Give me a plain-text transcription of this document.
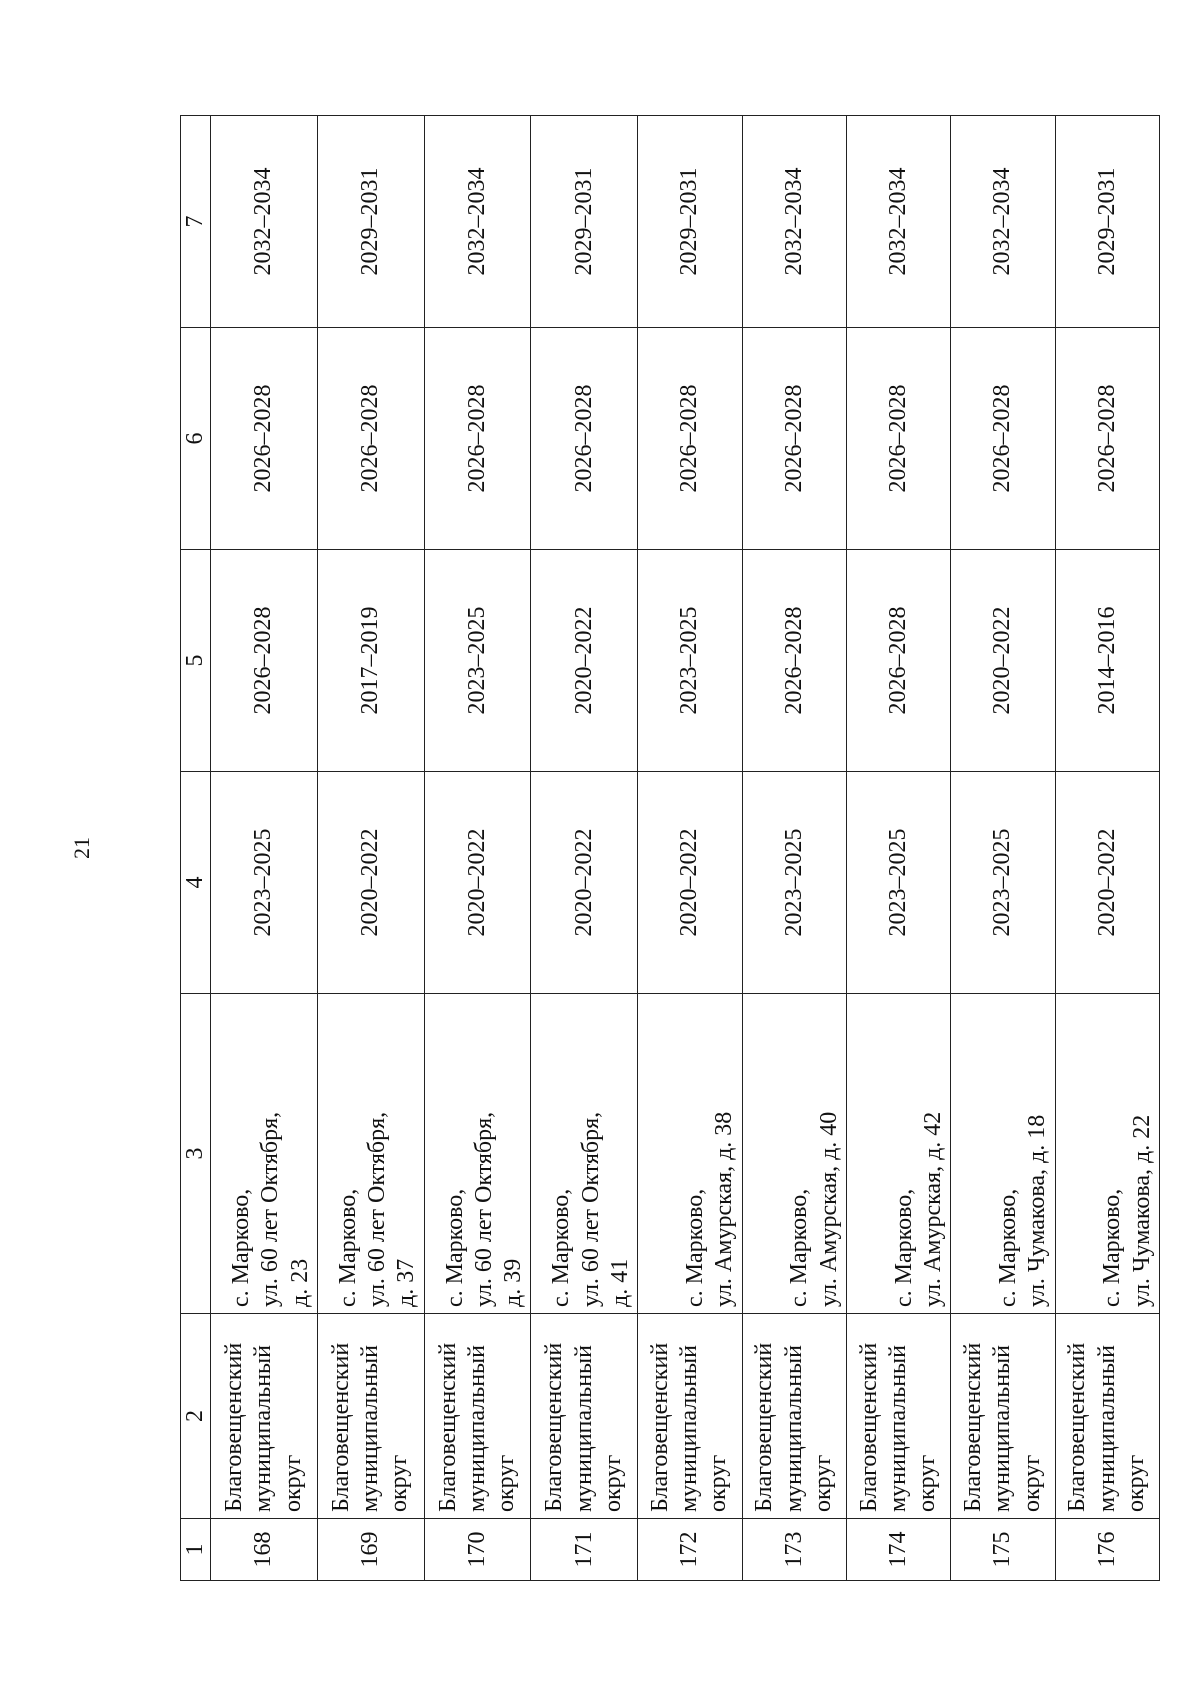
21
1	2	3	4	5	6	7
168	Благовещенский муниципальный округ	с. Марково, ул. 60 лет Октября, д. 23	2023–2025	2026–2028	2026–2028	2032–2034
169	Благовещенский муниципальный округ	с. Марково, ул. 60 лет Октября, д. 37	2020–2022	2017–2019	2026–2028	2029–2031
170	Благовещенский муниципальный округ	с. Марково, ул. 60 лет Октября, д. 39	2020–2022	2023–2025	2026–2028	2032–2034
171	Благовещенский муниципальный округ	с. Марково, ул. 60 лет Октября, д. 41	2020–2022	2020–2022	2026–2028	2029–2031
172	Благовещенский муниципальный округ	с. Марково, ул. Амурская, д. 38	2020–2022	2023–2025	2026–2028	2029–2031
173	Благовещенский муниципальный округ	с. Марково, ул. Амурская, д. 40	2023–2025	2026–2028	2026–2028	2032–2034
174	Благовещенский муниципальный округ	с. Марково, ул. Амурская, д. 42	2023–2025	2026–2028	2026–2028	2032–2034
175	Благовещенский муниципальный округ	с. Марково, ул. Чумакова, д. 18	2023–2025	2020–2022	2026–2028	2032–2034
176	Благовещенский муниципальный округ	с. Марково, ул. Чумакова, д. 22	2020–2022	2014–2016	2026–2028	2029–2031
